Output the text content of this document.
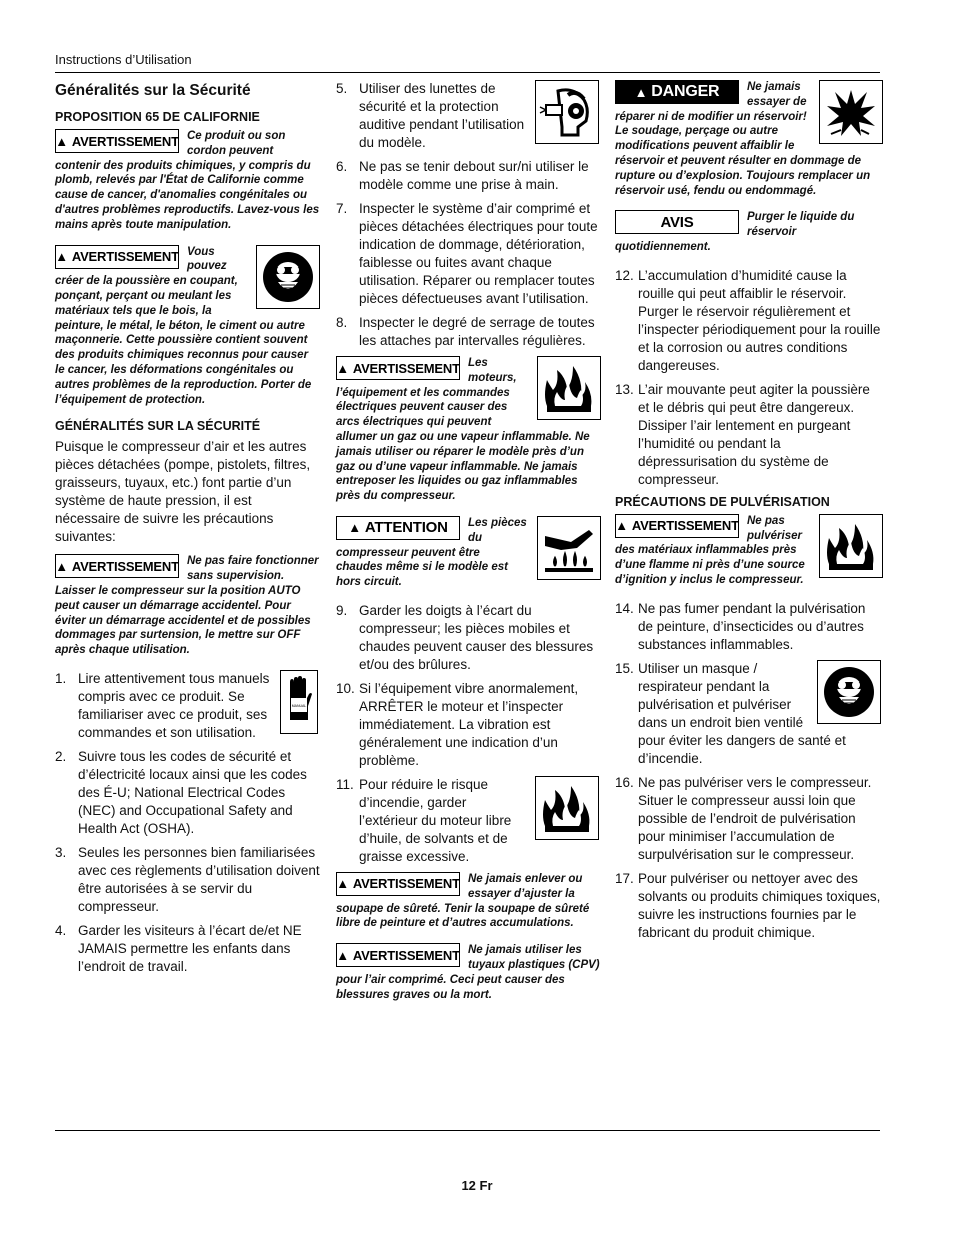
Instructions d’Utilisation
Généralités sur la Sécurité
PROPOSITION 65 DE CALIFORNIE
▲ AVERTISSEMENT Ce produit ou son cordon peuvent contenir des produits chimiques, y compris du plomb, relevés par l'État de Californie comme cause de cancer, d'anomalies congénitales ou d'autres problèmes reproductifs. Lavez-vous les mains après toute manipulation.
▲ AVERTISSEMENT Vous pouvez créer de la poussière en coupant, ponçant, perçant ou meulant les matériaux tels que le bois, la peinture, le métal, le béton, le ciment ou autre maçonnerie. Cette poussière contient souvent des produits chimiques reconnus pour causer le cancer, les déformations congénitales ou autres problèmes de la reproduction. Porter de l’équipement de protection.
GÉNÉRALITÉS SUR LA SÉCURITÉ

Puisque le compresseur d’air et les autres pièces détachées (pompe, pistolets, filtres, graisseurs, tuyaux, etc.) font partie d’un système de haute pression, il est nécessaire de suivre les précautions suivantes:

▲ AVERTISSEMENT Ne pas faire fonctionner sans supervision. Laisser le compresseur sur la position AUTO peut causer un démarrage accidentel. Pour éviter un démarrage accidentel et de possibles dommages par surtension, le mettre sur OFF après chaque utilisation.
1.
MANUAL
Lire attentivement tous manuels compris avec ce produit. Se familiariser avec ce produit, ses commandes et son utilisation.
2. Suivre tous les codes de sécurité et d’électricité locaux ainsi que les codes des É-U; National Electrical Codes (NEC) and Occupational Safety and Health Act (OSHA).
3. Seules les personnes bien familiarisées avec ces règlements d’utilisation doivent être autorisées à se servir du compresseur.
4. Garder les visiteurs à l’écart de/et NE JAMAIS permettre les enfants dans l’endroit de travail.
5. Utiliser des lunettes de sécurité et la protection auditive pendant l’utilisation du modèle.
6. Ne pas se tenir debout sur/ni utiliser le modèle comme une prise à main.
7. Inspecter le système d’air comprimé et pièces détachées électriques pour toute indication de dommage, détérioration, faiblesse ou fuites avant chaque utilisation. Réparer ou remplacer toutes pièces défectueuses avant l’utilisation.
8. Inspecter le degré de serrage de toutes les attaches par intervalles régulières.
▲ AVERTISSEMENT Les moteurs, l’équipement et les commandes électriques peuvent causer des arcs électriques qui peuvent allumer un gaz ou une vapeur inflammable. Ne jamais utiliser ou réparer le modèle près d’un gaz ou d’une vapeur inflammable. Ne jamais entreposer les liquides ou gaz inflammables près du compresseur.
▲ ATTENTION	Les pièces du compresseur peuvent être chaudes même si le modèle est hors circuit.
9. Garder les doigts à l’écart du compresseur; les pièces mobiles et chaudes peuvent causer des blessures et/ou des brûlures.
10. Si l’équipement vibre anormalement, ARRÊTER le moteur et l’inspecter immédiatement. La vibration est généralement une indication d’un problème.
11. Pour réduire le risque d’incendie, garder l’extérieur du moteur libre d’huile, de solvants et de graisse excessive.
▲ AVERTISSEMENT Ne jamais enlever ou essayer d’ajuster la soupape de sûreté. Tenir la soupape de sûreté libre de peinture et d’autres accumulations.
▲ AVERTISSEMENT Ne jamais utiliser les tuyaux plastiques (CPV) pour l’air comprimé. Ceci peut causer des blessures graves ou la mort.
▲ DANGER	Ne jamais essayer de réparer ni de modifier un réservoir! Le soudage, perçage ou autre modifications peuvent affaiblir le réservoir et peuvent résulter en dommage de rupture ou d’explosion. Toujours remplacer un réservoir usé, fendu ou endommagé.
AVIS	Purger le liquide du réservoir quotidiennement.
12. L’accumulation d’humidité cause la rouille qui peut affaiblir le réservoir. Purger le réservoir régulièrement et l’inspecter périodiquement pour la rouille et la corrosion ou autres conditions dangereuses.
13. L’air mouvante peut agiter la poussière et le débris qui peut être dangereux. Dissiper l’air lentement en purgeant l’humidité ou pendant la dépressurisation du système de compresseur.
PRÉCAUTIONS DE PULVÉRISATION
▲ AVERTISSEMENT Ne pas pulvériser des matériaux inflammables près d’une flamme ni près d’une source d’ignition y inclus le compresseur.
14. Ne pas fumer pendant la pulvérisation de peinture, d’insecticides ou d’autres substances inflammables.
15. Utiliser un masque / respirateur pendant la pulvérisation et pulvériser dans un endroit bien ventilé pour éviter les dangers de santé et d’incendie.
16. Ne pas pulvériser vers le compresseur. Situer le compresseur aussi loin que possible de l’endroit de pulvérisation pour minimiser l’accumulation de surpulvérisation sur le compresseur.
17. Pour pulvériser ou nettoyer avec des solvants ou produits chimiques toxiques, suivre les instructions fournies par le fabricant du produit chimique.
12 Fr
